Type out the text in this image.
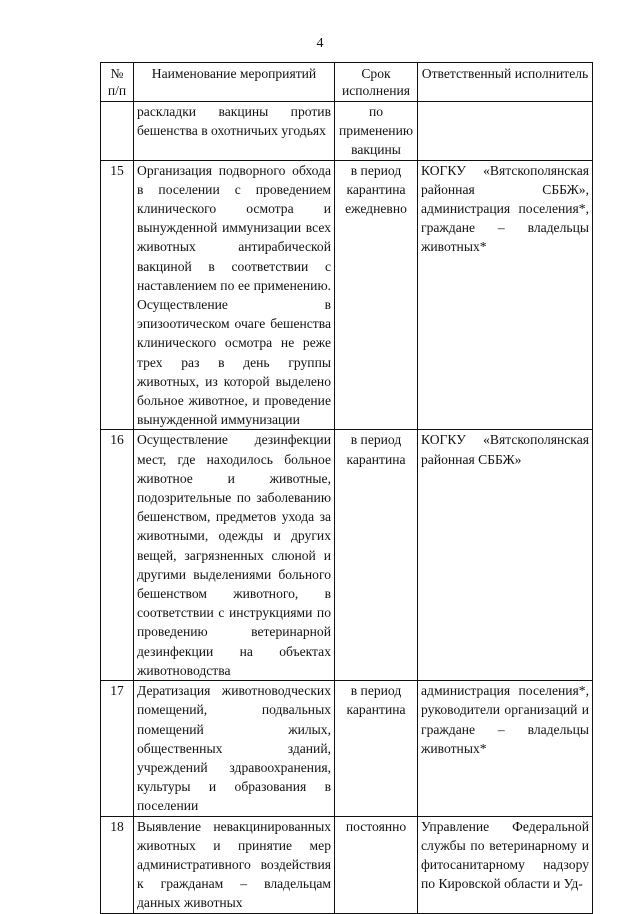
4
№ п/п	Наименование мероприятий	Срок исполнения	Ответственный исполнитель
	раскладки вакцины против бешенства в охотничьих угодьях	по применению вакцины	
15	Организация подворного обхода в поселении с проведением клинического осмотра и вынужденной иммунизации всех животных антирабической вакциной в соответствии с наставлением по ее применению. Осуществление в эпизоотическом очаге бешенства клинического осмотра не реже трех раз в день группы животных, из которой выделено больное животное, и проведение вынужденной иммунизации	в период карантина ежедневно	КОГКУ «Вятскополянская районная СББЖ», администрация поселения*, граждане – владельцы животных*
16	Осуществление дезинфекции мест, где находилось больное животное и животные, подозрительные по заболеванию бешенством, предметов ухода за животными, одежды и других вещей, загрязненных слюной и другими выделениями больного бешенством животного, в соответствии с инструкциями по проведению ветеринарной дезинфекции на объектах животноводства	в период карантина	КОГКУ «Вятскополянская районная СББЖ»
17	Дератизация животноводческих помещений, подвальных помещений жилых, общественных зданий, учреждений здравоохранения, культуры и образования в поселении	в период карантина	администрация поселения*, руководители организаций и граждане – владельцы животных*
18	Выявление невакцинированных животных и принятие мер административного воздействия к гражданам – владельцам данных животных	постоянно	Управление Федеральной службы по ветеринарному и фитосанитарному надзору по Кировской области и Уд-
